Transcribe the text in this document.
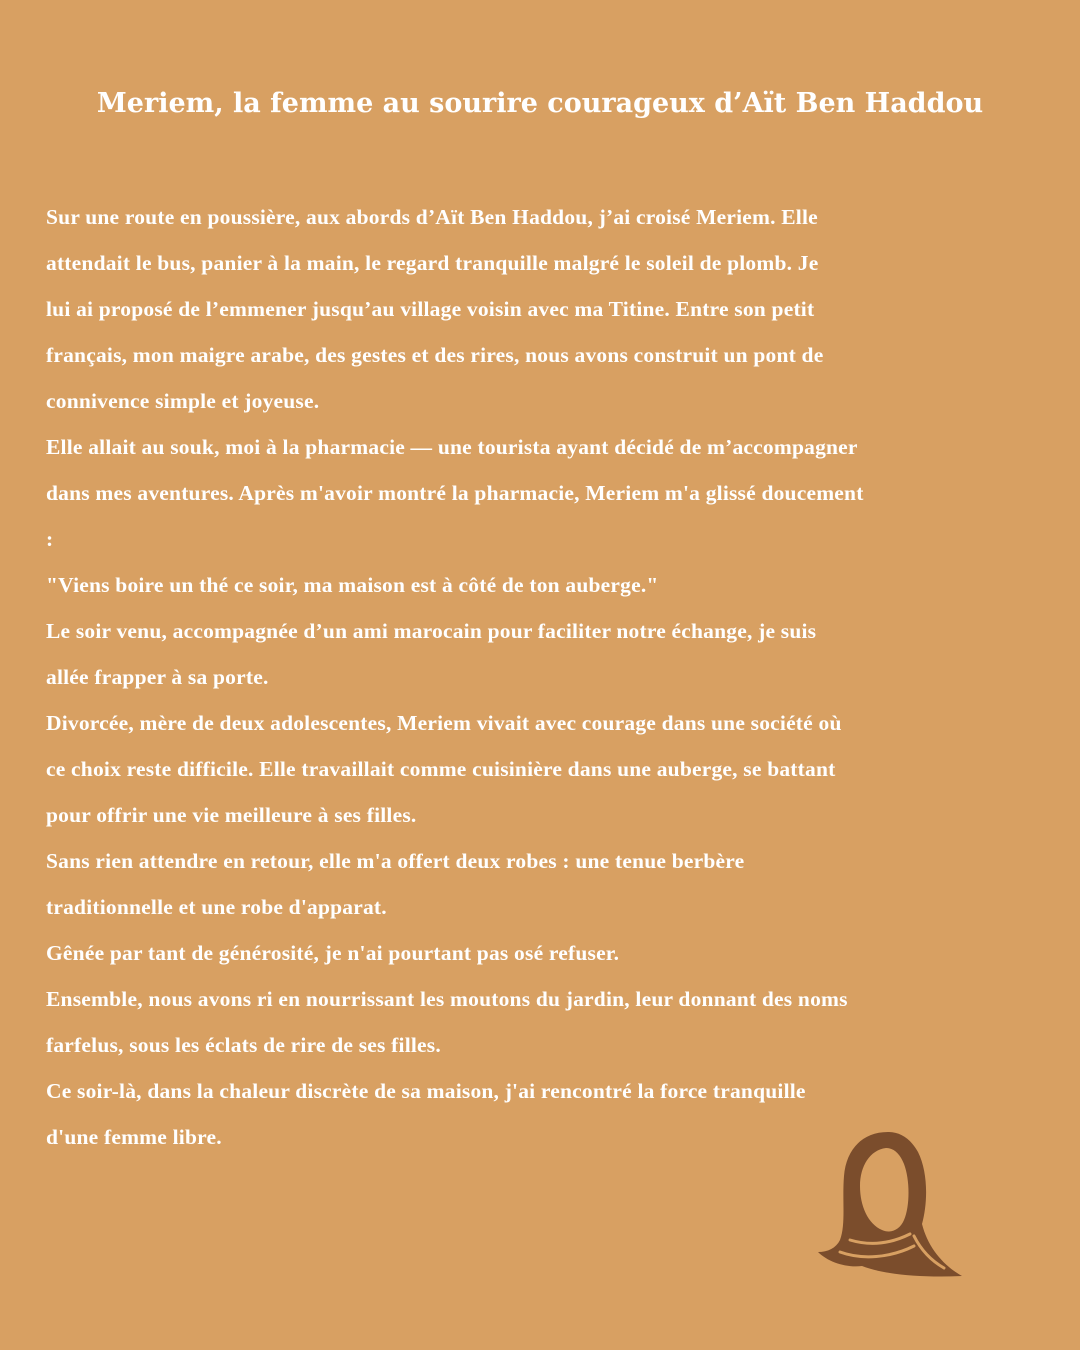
Meriem, la femme au sourire courageux d’Aït Ben Haddou
Sur une route en poussière, aux abords d’Aït Ben Haddou, j’ai croisé Meriem. Elle
attendait le bus, panier à la main, le regard tranquille malgré le soleil de plomb. Je
lui ai proposé de l’emmener jusqu’au village voisin avec ma Titine. Entre son petit
français, mon maigre arabe, des gestes et des rires, nous avons construit un pont de
connivence simple et joyeuse.
Elle allait au souk, moi à la pharmacie — une tourista ayant décidé de m’accompagner
dans mes aventures. Après m'avoir montré la pharmacie, Meriem m'a glissé doucement
:
"Viens boire un thé ce soir, ma maison est à côté de ton auberge."
Le soir venu, accompagnée d’un ami marocain pour faciliter notre échange, je suis
allée frapper à sa porte.
Divorcée, mère de deux adolescentes, Meriem vivait avec courage dans une société où
ce choix reste difficile. Elle travaillait comme cuisinière dans une auberge, se battant
pour offrir une vie meilleure à ses filles.
Sans rien attendre en retour, elle m'a offert deux robes : une tenue berbère
traditionnelle et une robe d'apparat.
Gênée par tant de générosité, je n'ai pourtant pas osé refuser.
Ensemble, nous avons ri en nourrissant les moutons du jardin, leur donnant des noms
farfelus, sous les éclats de rire de ses filles.
Ce soir-là, dans la chaleur discrète de sa maison, j'ai rencontré la force tranquille
d'une femme libre.
